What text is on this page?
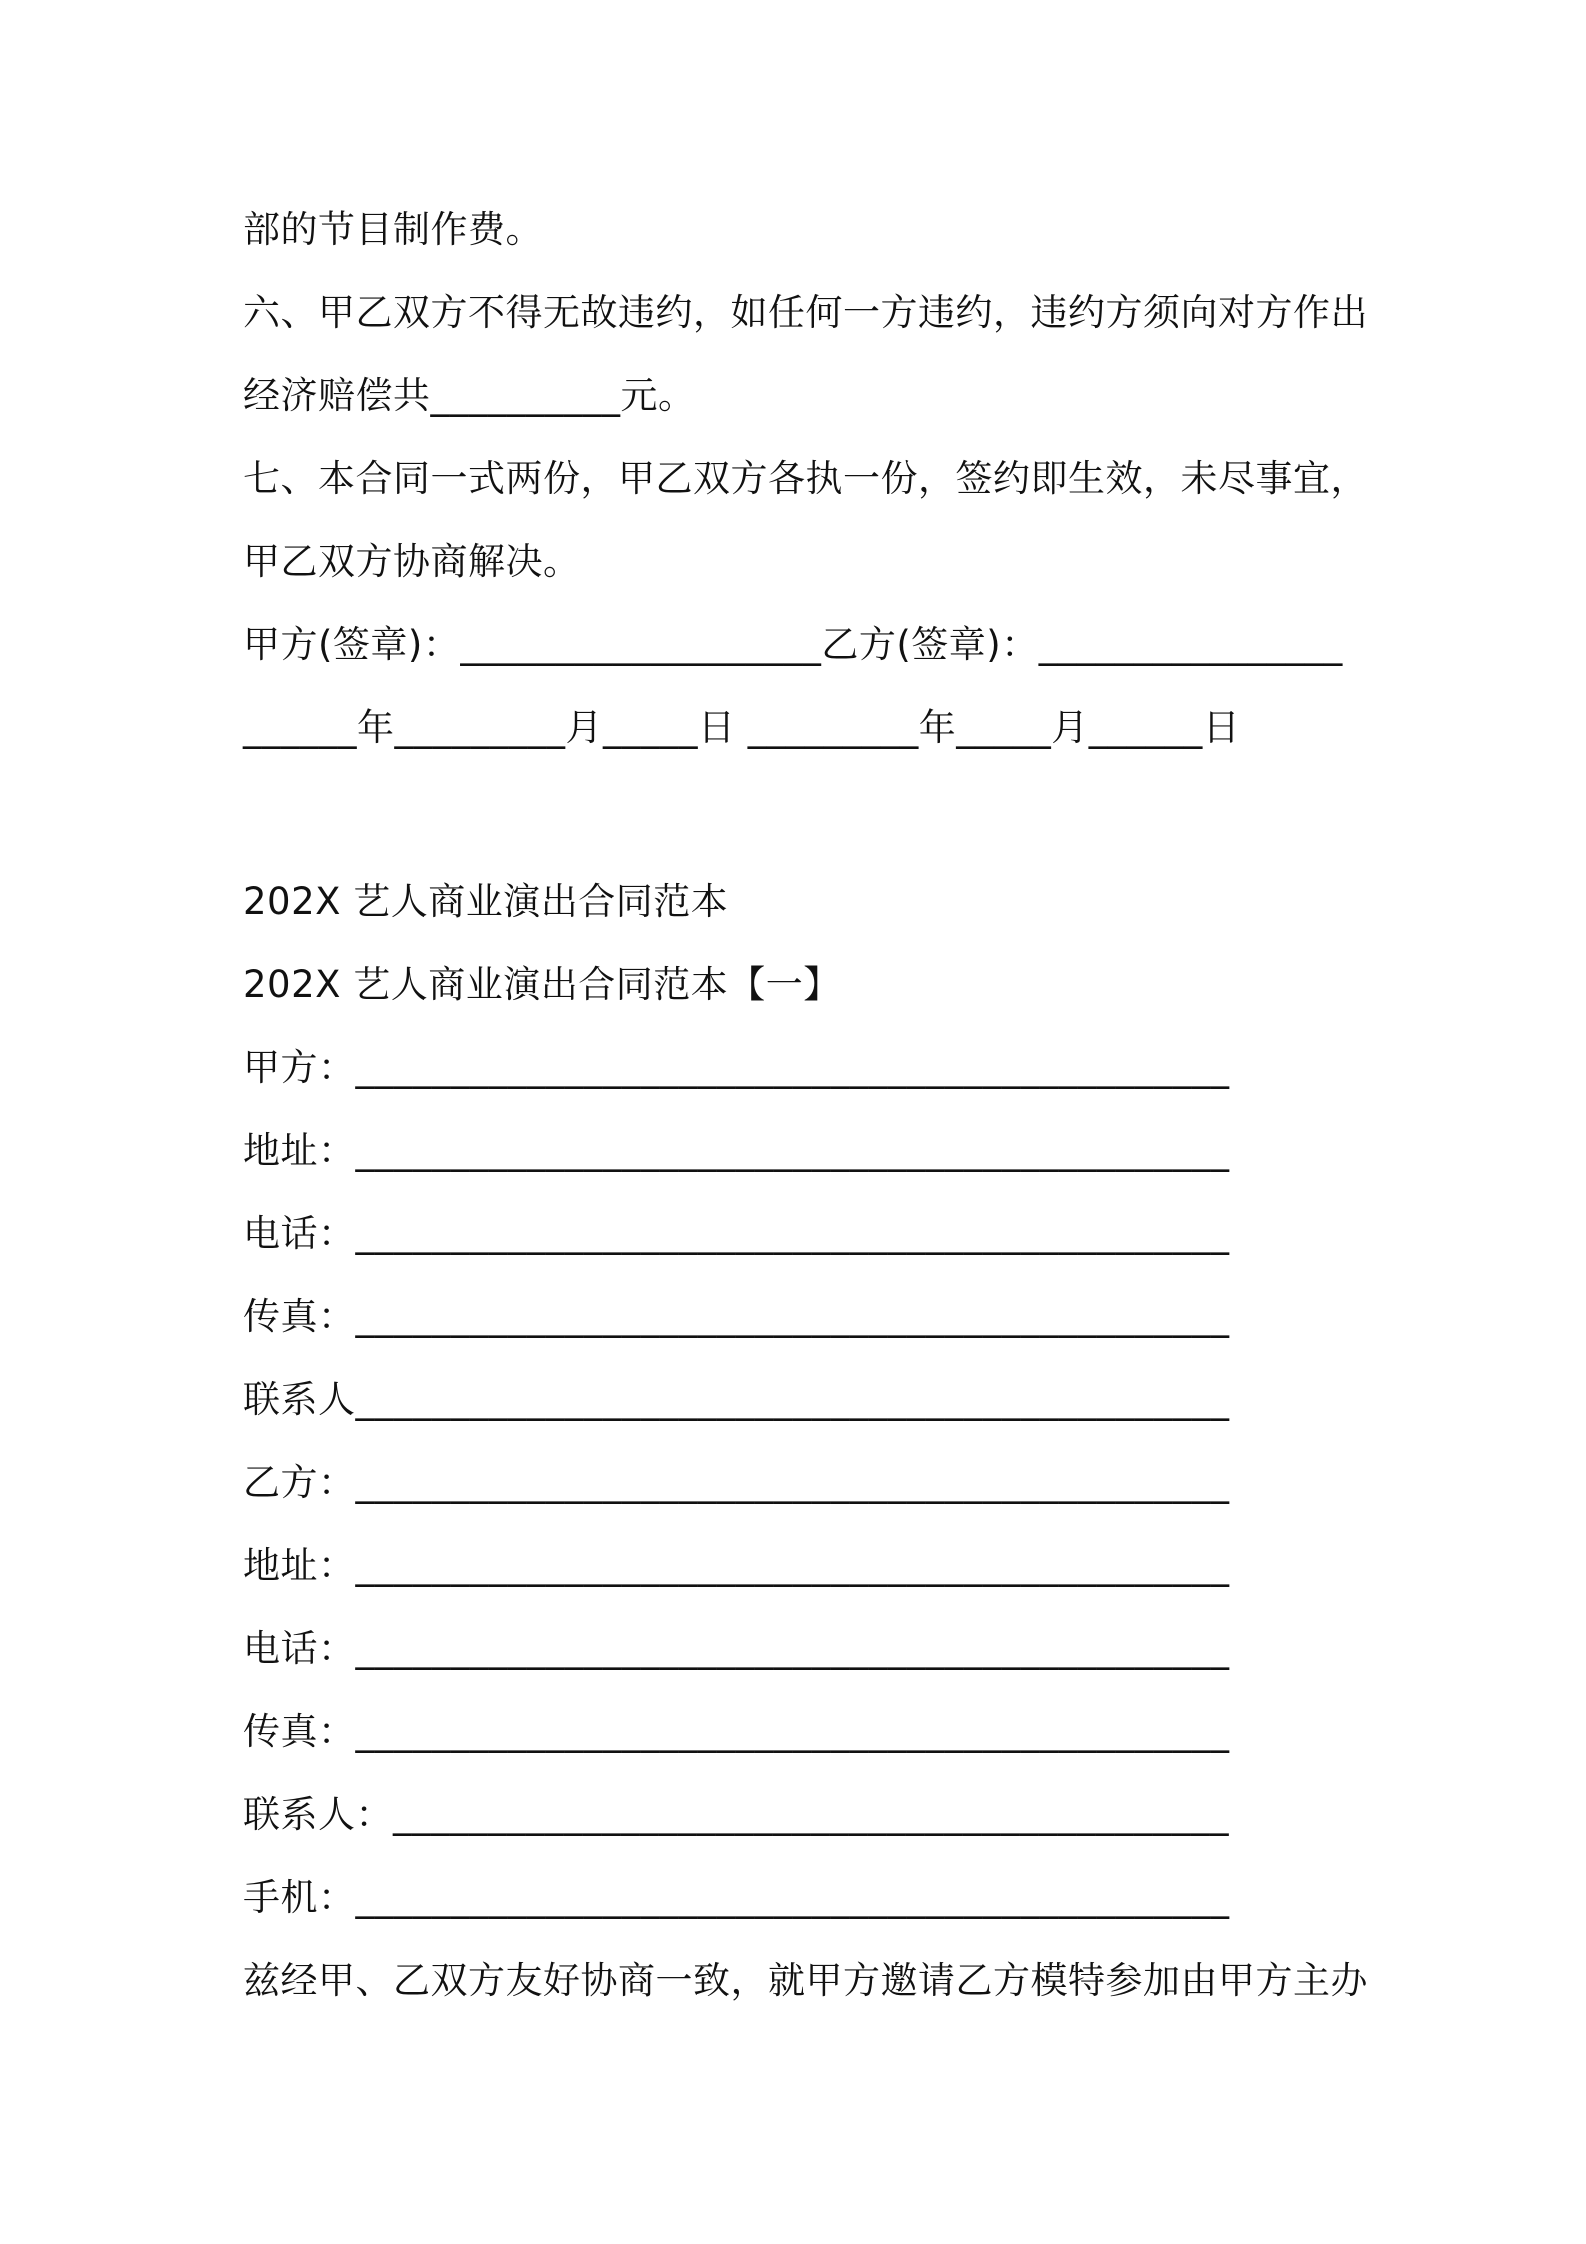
部的节目制作费。
六、甲乙双方不得无故违约，如任何一方违约，违约方须向对方作出
经济赔偿共__________元。
七、本合同一式两份，甲乙双方各执一份，签约即生效，未尽事宜，
甲乙双方协商解决。
甲方(签章)：___________________乙方(签章)：________________
______年_________月_____日 _________年_____月______日
202X 艺人商业演出合同范本
202X 艺人商业演出合同范本【一】
甲方：______________________________________________
地址：______________________________________________
电话：______________________________________________
传真：______________________________________________
联系人______________________________________________
乙方：______________________________________________
地址：______________________________________________
电话：______________________________________________
传真：______________________________________________
联系人：____________________________________________
手机：______________________________________________
兹经甲、乙双方友好协商一致，就甲方邀请乙方模特参加由甲方主办
